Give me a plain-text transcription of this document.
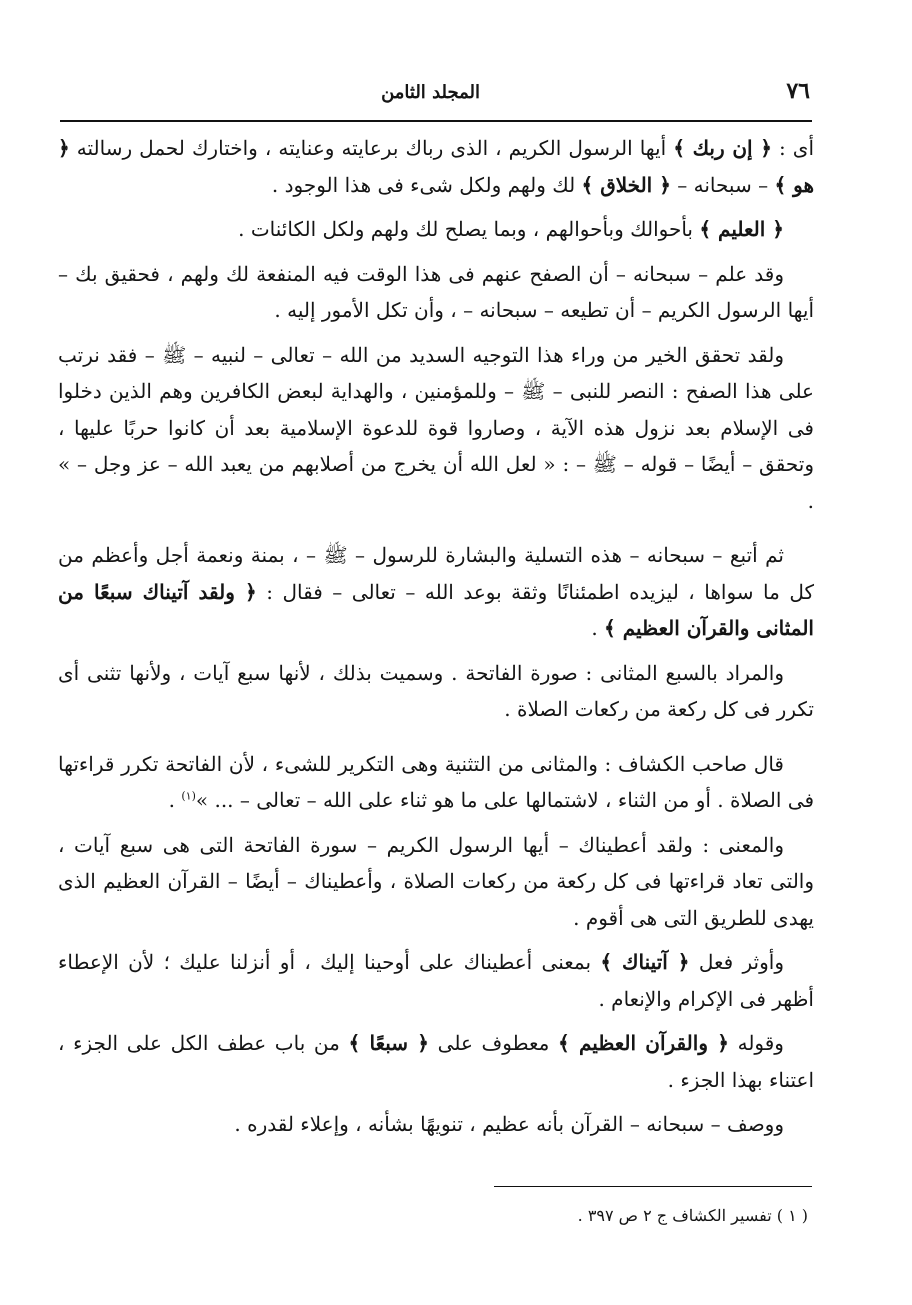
٧٦
المجلد الثامن

أى : ﴿ إن ربك ﴾ أيها الرسول الكريم ، الذى رباك برعايته وعنايته ، واختارك لحمل رسالته ﴿ هو ﴾ – سبحانه – ﴿ الخلاق ﴾ لك ولهم ولكل شىء فى هذا الوجود .

﴿ العليم ﴾ بأحوالك وبأحوالهم ، وبما يصلح لك ولهم ولكل الكائنات .

وقد علم – سبحانه – أن الصفح عنهم فى هذا الوقت فيه المنفعة لك ولهم ، فحقيق بك – أيها الرسول الكريم – أن تطيعه – سبحانه – ، وأن تكل الأمور إليه .

ولقد تحقق الخير من وراء هذا التوجيه السديد من الله – تعالى – لنبيه – ﷺ – فقد نرتب على هذا الصفح : النصر للنبى – ﷺ – وللمؤمنين ، والهداية لبعض الكافرين وهم الذين دخلوا فى الإسلام بعد نزول هذه الآية ، وصاروا قوة للدعوة الإسلامية بعد أن كانوا حربًا عليها ، وتحقق – أيضًا – قوله – ﷺ – : « لعل الله أن يخرج من أصلابهم من يعبد الله – عز وجل – » .

ثم أتبع – سبحانه – هذه التسلية والبشارة للرسول – ﷺ – ، بمنة ونعمة أجل وأعظم من كل ما سواها ، ليزيده اطمئنانًا وثقة بوعد الله – تعالى – فقال : ﴿ ولقد آتيناك سبعًا من المثانى والقرآن العظيم ﴾ .

والمراد بالسبع المثانى : صورة الفاتحة . وسميت بذلك ، لأنها سبع آيات ، ولأنها تثنى أى تكرر فى كل ركعة من ركعات الصلاة .

قال صاحب الكشاف : والمثانى من التثنية وهى التكرير للشىء ، لأن الفاتحة تكرر قراءتها فى الصلاة . أو من الثناء ، لاشتمالها على ما هو ثناء على الله – تعالى – ... »$^{(١)}$ .

والمعنى : ولقد أعطيناك – أيها الرسول الكريم – سورة الفاتحة التى هى سبع آيات ، والتى تعاد قراءتها فى كل ركعة من ركعات الصلاة ، وأعطيناك – أيضًا – القرآن العظيم الذى يهدى للطريق التى هى أقوم .

وأوثر فعل ﴿ آتيناك ﴾ بمعنى أعطيناك على أوحينا إليك ، أو أنزلنا عليك ؛ لأن الإعطاء أظهر فى الإكرام والإنعام .

وقوله ﴿ والقرآن العظيم ﴾ معطوف على ﴿ سبعًا ﴾ من باب عطف الكل على الجزء ، اعتناء بهذا الجزء .

ووصف – سبحانه – القرآن بأنه عظيم ، تنويهًا بشأنه ، وإعلاء لقدره .

( ١ ) تفسير الكشاف ج ٢ ص ٣٩٧ .
